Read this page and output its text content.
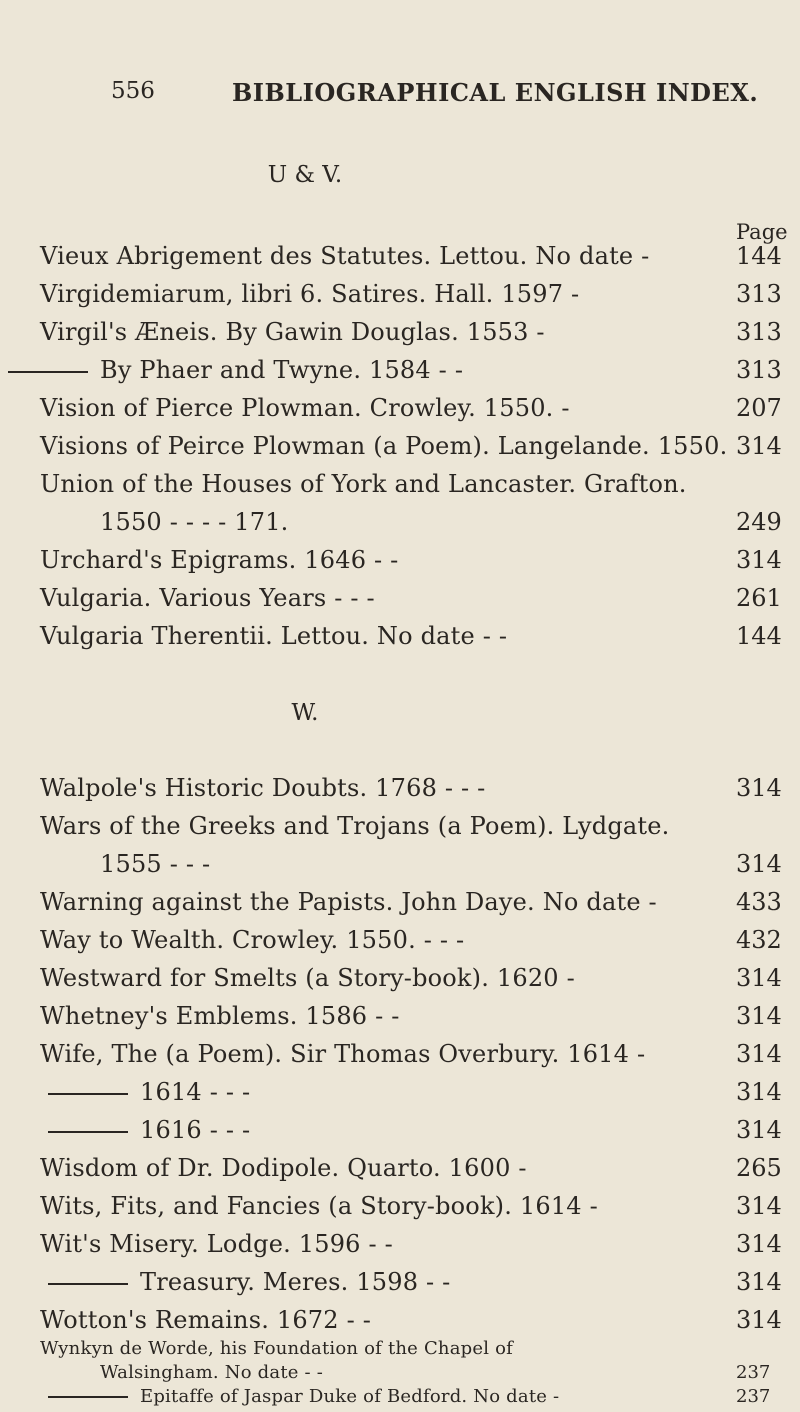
556	BIBLIOGRAPHICAL ENGLISH INDEX.
U & V.
Page
Vieux Abrigement des Statutes. Lettou. No date -	144
Virgidemiarum, libri 6. Satires. Hall. 1597 -	313
Virgil's Æneis. By Gawin Douglas. 1553 -	313
By Phaer and Twyne. 1584 - -	313
Vision of Pierce Plowman. Crowley. 1550. -	207
Visions of Peirce Plowman (a Poem). Langelande. 1550. 314
Union of the Houses of York and Lancaster. Grafton.
1550 - - - - 171.	249
Urchard's Epigrams. 1646 - -	314
Vulgaria. Various Years - - -	261
Vulgaria Therentii. Lettou. No date - -	144
W.
Walpole's Historic Doubts. 1768 - - -	314
Wars of the Greeks and Trojans (a Poem). Lydgate.
1555 - - -	314
Warning against the Papists. John Daye. No date -	433
Way to Wealth. Crowley. 1550. - - -	432
Westward for Smelts (a Story-book). 1620 -	314
Whetney's Emblems. 1586 - -	314
Wife, The (a Poem). Sir Thomas Overbury. 1614 -	314
1614 - - -	314
1616 - - -	314
Wisdom of Dr. Dodipole. Quarto. 1600 -	265
Wits, Fits, and Fancies (a Story-book). 1614 -	314
Wit's Misery. Lodge. 1596 - -	314
Treasury. Meres. 1598 - -	314
Wotton's Remains. 1672 - -	314
Wynkyn de Worde, his Foundation of the Chapel of
Walsingham. No date - -	237
Epitaffe of Jaspar Duke of Bedford. No date -	237
